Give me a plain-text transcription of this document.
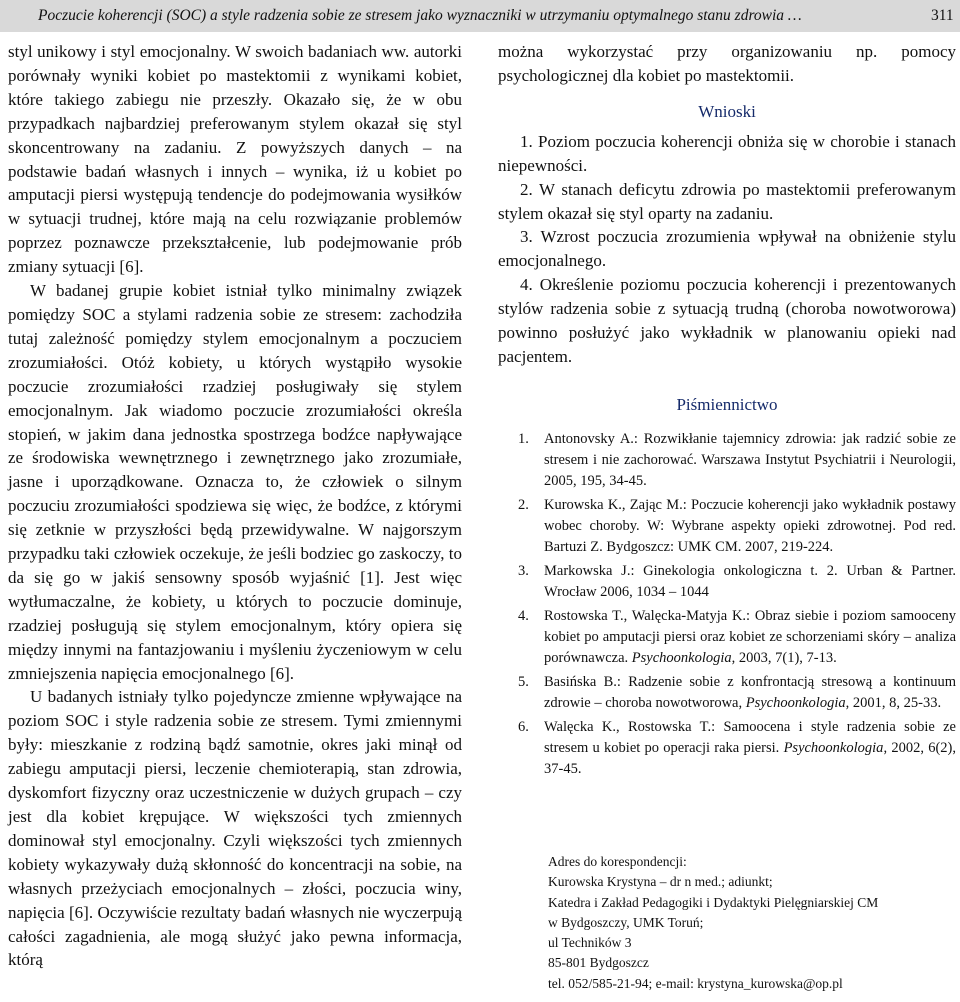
Poczucie koherencji (SOC) a style radzenia sobie ze stresem jako wyznaczniki w utrzymaniu optymalnego stanu zdrowia …	311

styl unikowy i styl emocjonalny. W swoich badaniach ww. autorki porównały wyniki kobiet po mastektomii z wynikami kobiet, które takiego zabiegu nie przeszły. Okazało się, że w obu przypadkach najbardziej preferowanym stylem okazał się styl skoncentrowany na zadaniu. Z powyższych danych – na podstawie badań własnych i innych – wynika, iż u kobiet po amputacji piersi występują tendencje do podejmowania wysiłków w sytuacji trudnej, które mają na celu rozwiązanie problemów poprzez poznawcze przekształcenie, lub podejmowanie prób zmiany sytuacji [6].

W badanej grupie kobiet istniał tylko minimalny związek pomiędzy SOC a stylami radzenia sobie ze stresem: zachodziła tutaj zależność pomiędzy stylem emocjonalnym a poczuciem zrozumiałości. Otóż kobiety, u których wystąpiło wysokie poczucie zrozumiałości rzadziej posługiwały się stylem emocjonalnym. Jak wiadomo poczucie zrozumiałości określa stopień, w jakim dana jednostka spostrzega bodźce napływające ze środowiska wewnętrznego i zewnętrznego jako zrozumiałe, jasne i uporządkowane. Oznacza to, że człowiek o silnym poczuciu zrozumiałości spodziewa się więc, że bodźce, z którymi się zetknie w przyszłości będą przewidywalne. W najgorszym przypadku taki człowiek oczekuje, że jeśli bodziec go zaskoczy, to da się go w jakiś sensowny sposób wyjaśnić [1]. Jest więc wytłumaczalne, że kobiety, u których to poczucie dominuje, rzadziej posługują się stylem emocjonalnym, który opiera się między innymi na fantazjowaniu i myśleniu życzeniowym w celu zmniejszenia napięcia emocjonalnego [6].

U badanych istniały tylko pojedyncze zmienne wpływające na poziom SOC i style radzenia sobie ze stresem. Tymi zmiennymi były: mieszkanie z rodziną bądź samotnie, okres jaki minął od zabiegu amputacji piersi, leczenie chemioterapią, stan zdrowia, dyskomfort fizyczny oraz uczestniczenie w dużych grupach – czy jest dla kobiet krępujące. W większości tych zmiennych dominował styl emocjonalny. Czyli większości tych zmiennych kobiety wykazywały dużą skłonność do koncentracji na sobie, na własnych przeżyciach emocjonalnych – złości, poczucia winy, napięcia [6]. Oczywiście rezultaty badań własnych nie wyczerpują całości zagadnienia, ale mogą służyć jako pewna informacja, którą

można wykorzystać przy organizowaniu np. pomocy psychologicznej dla kobiet po mastektomii.

Wnioski

1. Poziom poczucia koherencji obniża się w chorobie i stanach niepewności.

2. W stanach deficytu zdrowia po mastektomii preferowanym stylem okazał się styl oparty na zadaniu.

3. Wzrost poczucia zrozumienia wpływał na obniżenie stylu emocjonalnego.

4. Określenie poziomu poczucia koherencji i prezentowanych stylów radzenia sobie z sytuacją trudną (choroba nowotworowa) powinno posłużyć jako wykładnik w planowaniu opieki nad pacjentem.

Piśmiennictwo
1. Antonovsky A.: Rozwikłanie tajemnicy zdrowia: jak radzić sobie ze stresem i nie zachorować. Warszawa Instytut Psychiatrii i Neurologii, 2005, 195, 34-45.
2. Kurowska K., Zając M.: Poczucie koherencji jako wykładnik postawy wobec choroby. W: Wybrane aspekty opieki zdrowotnej. Pod red. Bartuzi Z. Bydgoszcz: UMK CM. 2007, 219-224.
3. Markowska J.: Ginekologia onkologiczna t. 2. Urban & Partner. Wrocław 2006, 1034 – 1044
4. Rostowska T., Walęcka-Matyja K.: Obraz siebie i poziom samooceny kobiet po amputacji piersi oraz kobiet ze schorzeniami skóry – analiza porównawcza. Psychoonkologia, 2003, 7(1), 7-13.
5. Basińska B.: Radzenie sobie z konfrontacją stresową a kontinuum zdrowie – choroba nowotworowa, Psychoonkologia, 2001, 8, 25-33.
6. Walęcka K., Rostowska T.: Samoocena i style radzenia sobie ze stresem u kobiet po operacji raka piersi. Psychoonkologia, 2002, 6(2), 37-45.
Adres do korespondencji:
Kurowska Krystyna – dr n med.; adiunkt;
Katedra i Zakład Pedagogiki i Dydaktyki Pielęgniarskiej CM
w Bydgoszczy, UMK Toruń;
ul Techników 3
85-801 Bydgoszcz
tel. 052/585-21-94; e-mail: krystyna_kurowska@op.pl
